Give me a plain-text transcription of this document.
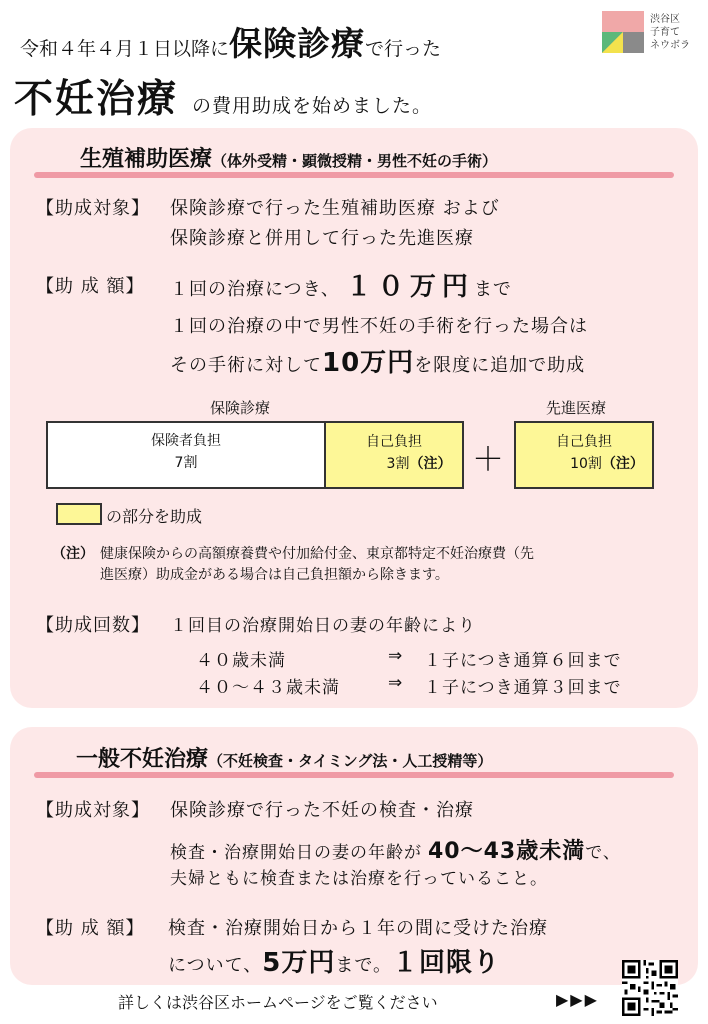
令和４年４月１日以降に保険診療で行った
不妊治療 の費用助成を始めました。
渋谷区
子育て
ネウボラ
生殖補助医療（体外受精・顕微授精・男性不妊の手術）
【助成対象】 保険診療で行った生殖補助医療 および
保険診療と併用して行った先進医療
【助 成 額】 １回の治療につき、 １０万円まで
１回の治療の中で男性不妊の手術を行った場合は
その手術に対して10万円を限度に追加で助成
保険診療	先進医療
保険者負担
7割
自己負担
3割（注） ＋	自己負担
10割（注）
の部分を助成
（注） 健康保険からの高額療養費や付加給付金、東京都特定不妊治療費（先
進医療）助成金がある場合は自己負担額から除きます。
【助成回数】 １回目の治療開始日の妻の年齢により
４０歳未満	⇒ １子につき通算６回まで
４０～４３歳未満	⇒ １子につき通算３回まで
一般不妊治療（不妊検査・タイミング法・人工授精等）
【助成対象】 保険診療で行った不妊の検査・治療
検査・治療開始日の妻の年齢が 40～43歳未満で、
夫婦ともに検査または治療を行っていること。
【助 成 額】 検査・治療開始日から１年の間に受けた治療
について、5万円まで。１回限り
詳しくは渋谷区ホームページをご覧ください	▶▶▶
